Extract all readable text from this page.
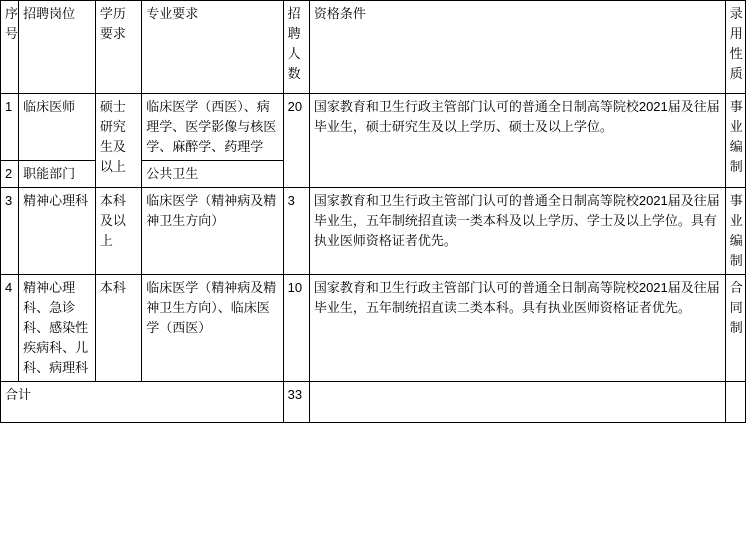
序号	招聘岗位	学历要求	专业要求	招聘人数	资格条件	录用性质
1	临床医师	硕士研究生及以上	临床医学（西医）、病理学、医学影像与核医学、麻醉学、药理学	20	国家教育和卫生行政主管部门认可的普通全日制高等院校2021届及往届毕业生，硕士研究生及以上学历、硕士及以上学位。	事业编制
2	职能部门		公共卫生			
3	精神心理科	本科及以上	临床医学（精神病及精神卫生方向）	3	国家教育和卫生行政主管部门认可的普通全日制高等院校2021届及往届毕业生，五年制统招直读一类本科及以上学历、学士及以上学位。具有执业医师资格证者优先。	事业编制
4	精神心理科、急诊科、感染性疾病科、儿科、病理科	本科	临床医学（精神病及精神卫生方向）、临床医学（西医）	10	国家教育和卫生行政主管部门认可的普通全日制高等院校2021届及往届毕业生，五年制统招直读二类本科。具有执业医师资格证者优先。	合同制
合计				33		
